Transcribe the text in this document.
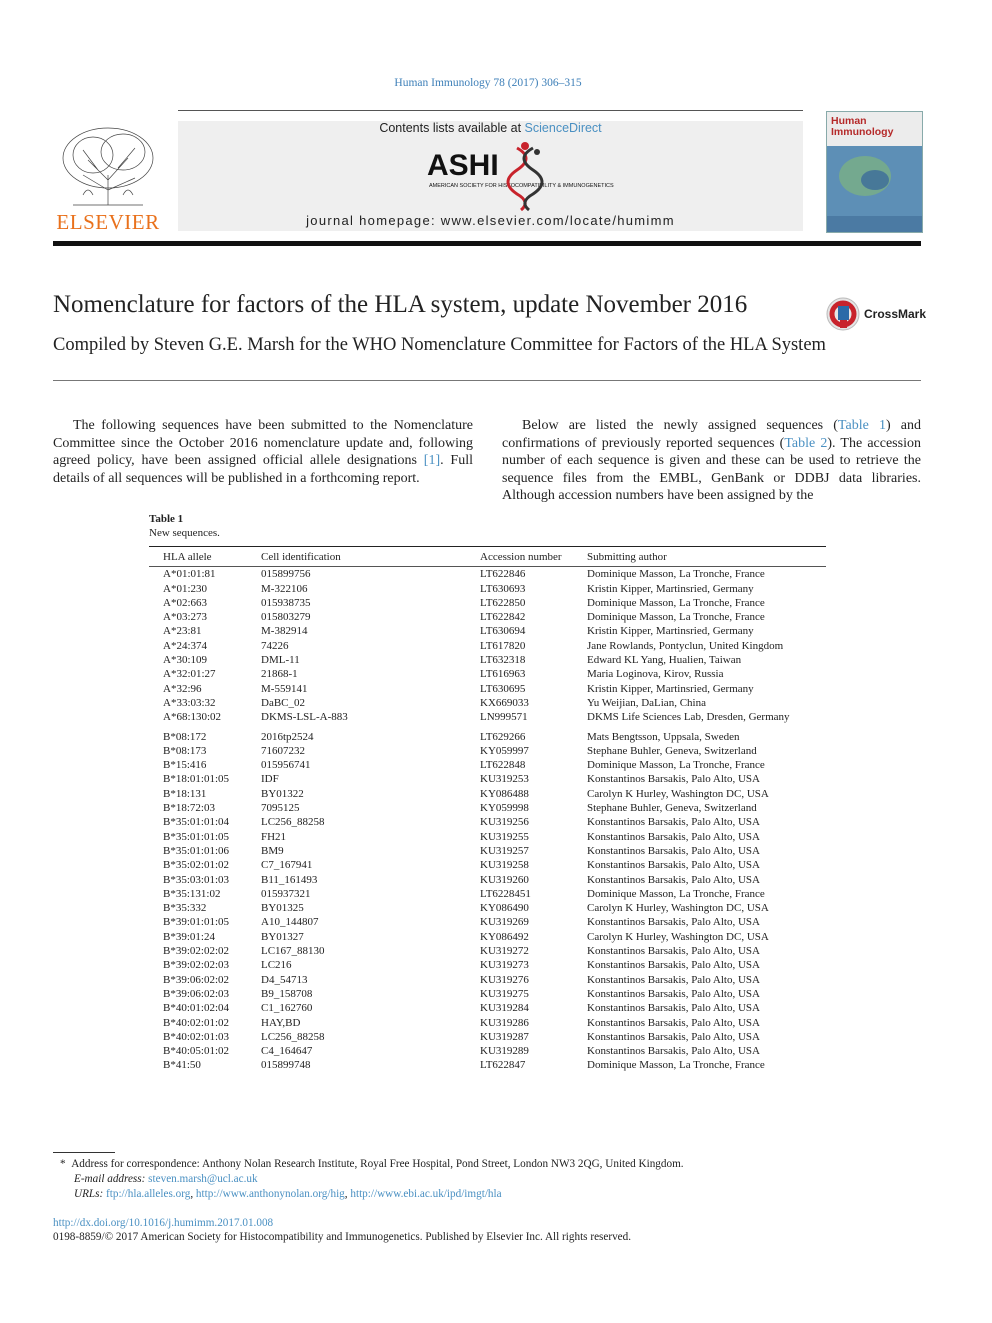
Human Immunology 78 (2017) 306–315
ELSEVIER
Contents lists available at ScienceDirect
ASHI
AMERICAN SOCIETY FOR HISTOCOMPATIBILITY & IMMUNOGENETICS
journal homepage: www.elsevier.com/locate/humimm
Human
Immunology
Nomenclature for factors of the HLA system, update November 2016	CrossMark
Compiled by Steven G.E. Marsh for the WHO Nomenclature Committee for Factors of the HLA System
The following sequences have been submitted to the Nomenclature Committee since the October 2016 nomenclature update and, following agreed policy, have been assigned official allele designations [1]. Full details of all sequences will be published in a forthcoming report.
Below are listed the newly assigned sequences (Table 1) and confirmations of previously reported sequences (Table 2). The accession number of each sequence is given and these can be used to retrieve the sequence files from the EMBL, GenBank or DDBJ data libraries. Although accession numbers have been assigned by the
Table 1
New sequences.
HLA allele	Cell identification	Accession number	Submitting author
A*01:01:81	015899756	LT622846	Dominique Masson, La Tronche, France
A*01:230	M-322106	LT630693	Kristin Kipper, Martinsried, Germany
A*02:663	015938735	LT622850	Dominique Masson, La Tronche, France
A*03:273	015803279	LT622842	Dominique Masson, La Tronche, France
A*23:81	M-382914	LT630694	Kristin Kipper, Martinsried, Germany
A*24:374	74226	LT617820	Jane Rowlands, Pontyclun, United Kingdom
A*30:109	DML-11	LT632318	Edward KL Yang, Hualien, Taiwan
A*32:01:27	21868-1	LT616963	Maria Loginova, Kirov, Russia
A*32:96	M-559141	LT630695	Kristin Kipper, Martinsried, Germany
A*33:03:32	DaBC_02	KX669033	Yu Weijian, DaLian, China
A*68:130:02	DKMS-LSL-A-883	LN999571	DKMS Life Sciences Lab, Dresden, Germany
B*08:172	2016tp2524	LT629266	Mats Bengtsson, Uppsala, Sweden
B*08:173	71607232	KY059997	Stephane Buhler, Geneva, Switzerland
B*15:416	015956741	LT622848	Dominique Masson, La Tronche, France
B*18:01:01:05	IDF	KU319253	Konstantinos Barsakis, Palo Alto, USA
B*18:131	BY01322	KY086488	Carolyn K Hurley, Washington DC, USA
B*18:72:03	7095125	KY059998	Stephane Buhler, Geneva, Switzerland
B*35:01:01:04	LC256_88258	KU319256	Konstantinos Barsakis, Palo Alto, USA
B*35:01:01:05	FH21	KU319255	Konstantinos Barsakis, Palo Alto, USA
B*35:01:01:06	BM9	KU319257	Konstantinos Barsakis, Palo Alto, USA
B*35:02:01:02	C7_167941	KU319258	Konstantinos Barsakis, Palo Alto, USA
B*35:03:01:03	B11_161493	KU319260	Konstantinos Barsakis, Palo Alto, USA
B*35:131:02	015937321	LT6228451	Dominique Masson, La Tronche, France
B*35:332	BY01325	KY086490	Carolyn K Hurley, Washington DC, USA
B*39:01:01:05	A10_144807	KU319269	Konstantinos Barsakis, Palo Alto, USA
B*39:01:24	BY01327	KY086492	Carolyn K Hurley, Washington DC, USA
B*39:02:02:02	LC167_88130	KU319272	Konstantinos Barsakis, Palo Alto, USA
B*39:02:02:03	LC216	KU319273	Konstantinos Barsakis, Palo Alto, USA
B*39:06:02:02	D4_54713	KU319276	Konstantinos Barsakis, Palo Alto, USA
B*39:06:02:03	B9_158708	KU319275	Konstantinos Barsakis, Palo Alto, USA
B*40:01:02:04	C1_162760	KU319284	Konstantinos Barsakis, Palo Alto, USA
B*40:02:01:02	HAY,BD	KU319286	Konstantinos Barsakis, Palo Alto, USA
B*40:02:01:03	LC256_88258	KU319287	Konstantinos Barsakis, Palo Alto, USA
B*40:05:01:02	C4_164647	KU319289	Konstantinos Barsakis, Palo Alto, USA
B*41:50	015899748	LT622847	Dominique Masson, La Tronche, France
* Address for correspondence: Anthony Nolan Research Institute, Royal Free Hospital, Pond Street, London NW3 2QG, United Kingdom.
E-mail address: steven.marsh@ucl.ac.uk
URLs: ftp://hla.alleles.org, http://www.anthonynolan.org/hig, http://www.ebi.ac.uk/ipd/imgt/hla
http://dx.doi.org/10.1016/j.humimm.2017.01.008
0198-8859/© 2017 American Society for Histocompatibility and Immunogenetics. Published by Elsevier Inc. All rights reserved.
